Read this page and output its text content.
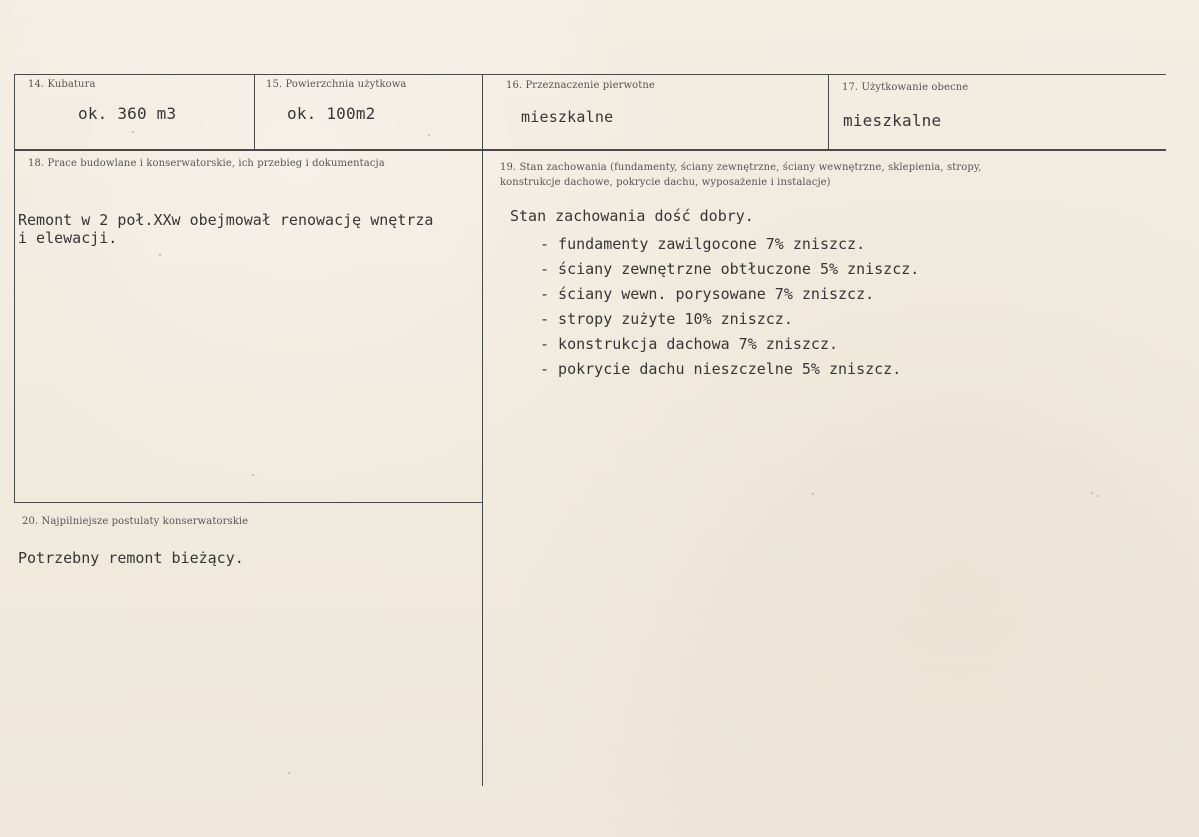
14. Kubatura
ok. 360 m3
15. Powierzchnia użytkowa
ok. 100m2
16. Przeznaczenie pierwotne
mieszkalne
17. Użytkowanie obecne
mieszkalne
18. Prace budowlane i konserwatorskie, ich przebieg i dokumentacja
Remont w 2 poł.XXw obejmował renowację wnętrza
i elewacji.
19. Stan zachowania (fundamenty, ściany zewnętrzne, ściany wewnętrzne, sklepienia, stropy,
konstrukcje dachowe, pokrycie dachu, wyposażenie i instalacje)
Stan zachowania dość dobry.
- fundamenty zawilgocone 7% zniszcz.
- ściany zewnętrzne obtłuczone 5% zniszcz.
- ściany wewn. porysowane 7% zniszcz.
- stropy zużyte 10% zniszcz.
- konstrukcja dachowa 7% zniszcz.
- pokrycie dachu nieszczelne 5% zniszcz.
20. Najpilniejsze postulaty konserwatorskie
Potrzebny remont bieżący.
